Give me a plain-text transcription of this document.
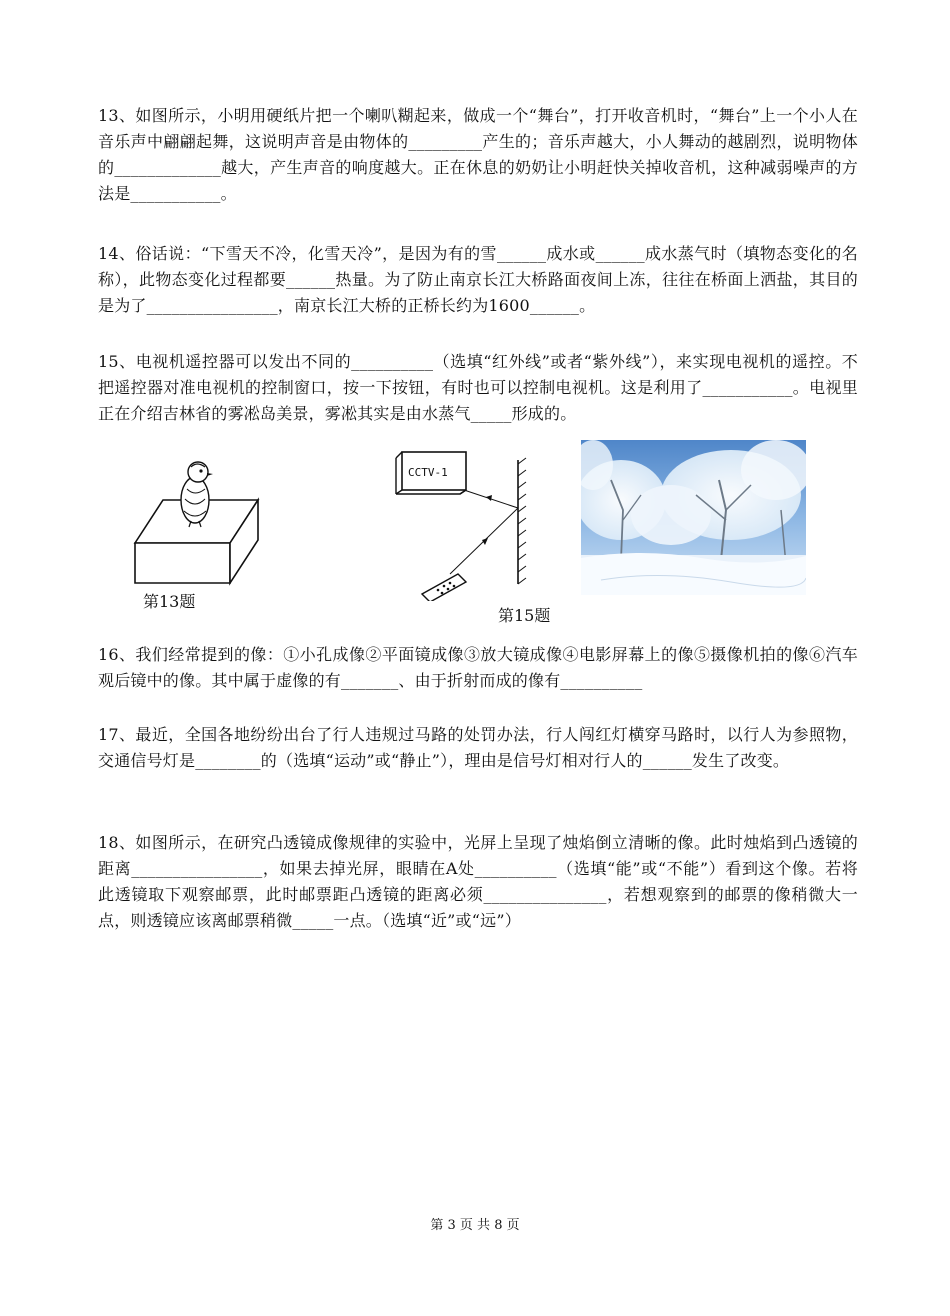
13、如图所示，小明用硬纸片把一个喇叭糊起来，做成一个“舞台”，打开收音机时，“舞台”上一个小人在音乐声中翩翩起舞，这说明声音是由物体的_________产生的；音乐声越大，小人舞动的越剧烈，说明物体的_____________越大，产生声音的响度越大。正在休息的奶奶让小明赶快关掉收音机，这种减弱噪声的方法是___________。

14、俗话说：“下雪天不冷，化雪天冷”，是因为有的雪______成水或______成水蒸气时（填物态变化的名称），此物态变化过程都要______热量。为了防止南京长江大桥路面夜间上冻，往往在桥面上洒盐，其目的是为了________________，南京长江大桥的正桥长约为1600______。

15、电视机遥控器可以发出不同的__________（选填“红外线”或者“紫外线”），来实现电视机的遥控。不把遥控器对准电视机的控制窗口，按一下按钮，有时也可以控制电视机。这是利用了___________。电视里正在介绍吉林省的雾凇岛美景，雾凇其实是由水蒸气_____形成的。

第13题
CCTV-1
第15题

16、我们经常提到的像：①小孔成像②平面镜成像③放大镜成像④电影屏幕上的像⑤摄像机拍的像⑥汽车观后镜中的像。其中属于虚像的有_______、由于折射而成的像有__________

17、最近，全国各地纷纷出台了行人违规过马路的处罚办法，行人闯红灯横穿马路时，以行人为参照物，交通信号灯是________的（选填“运动”或“静止”），理由是信号灯相对行人的______发生了改变。

18、如图所示，在研究凸透镜成像规律的实验中，光屏上呈现了烛焰倒立清晰的像。此时烛焰到凸透镜的距离________________，如果去掉光屏，眼睛在A处__________（选填“能”或“不能”）看到这个像。若将此透镜取下观察邮票，此时邮票距凸透镜的距离必须_______________，若想观察到的邮票的像稍微大一点，则透镜应该离邮票稍微_____一点。（选填“近”或“远”）

第 3 页 共 8 页
